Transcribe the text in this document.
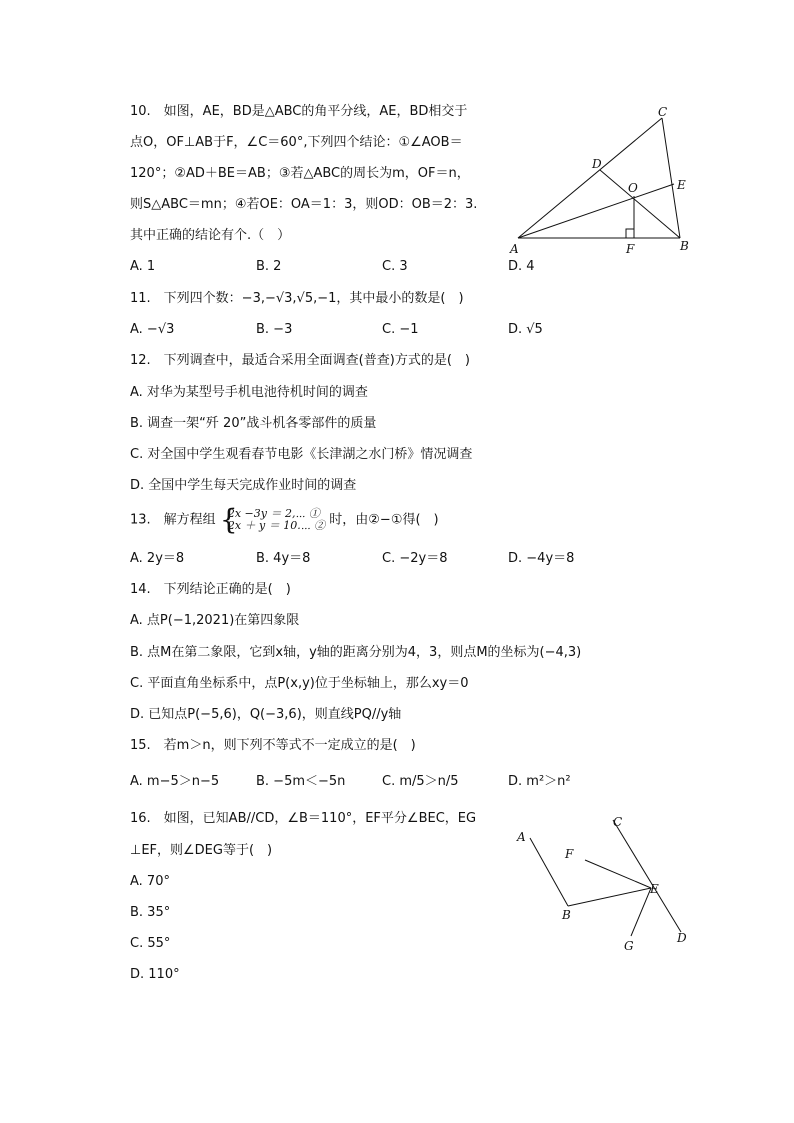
10.　如图，AE，BD是△ABC的角平分线，AE，BD相交于
点O，OF⊥AB于F，∠C＝60°,下列四个结论：①∠AOB＝
120°；②AD＋BE＝AB；③若△ABC的周长为m，OF＝n，
则S△ABC＝mn；④若OE：OA＝1：3，则OD：OB＝2：3.
其中正确的结论有个.（　）
A. 1	B. 2	C. 3	D. 4
A	B
C
D
E
F
O
11.　下列四个数：−3,−√3,√5,−1，其中最小的数是(　)
A. −√3	B. −3	C. −1	D. √5
12.　下列调查中，最适合采用全面调查(普查)方式的是(　)
A. 对华为某型号手机电池待机时间的调查
B. 调查一架“歼 20”战斗机各零部件的质量
C. 对全国中学生观看春节电影《长津湖之水门桥》情况调查
D. 全国中学生每天完成作业时间的调查
13.　解方程组 {
2x −3y ＝ 2,⋯ ①
2x ＋ y ＝ 10.⋯ ② 时，由②−①得(　)
A. 2y＝8	B. 4y＝8	C. −2y＝8	D. −4y＝8
14.　下列结论正确的是(　)
A. 点P(−1,2021)在第四象限
B. 点M在第二象限，它到x轴，y轴的距离分别为4，3，则点M的坐标为(−4,3)
C. 平面直角坐标系中，点P(x,y)位于坐标轴上，那么xy＝0
D. 已知点P(−5,6)，Q(−3,6)，则直线PQ//y轴
15.　若m＞n，则下列不等式不一定成立的是(　)
A. m−5＞n−5	B. −5m＜−5n	C. m/5＞n/5	D. m²＞n²
16.　如图，已知AB//CD，∠B＝110°，EF平分∠BEC，EG
⊥EF，则∠DEG等于(　)
A. 70°
B. 35°
C. 55°
D. 110°
A
B
C
D
E
F
G
